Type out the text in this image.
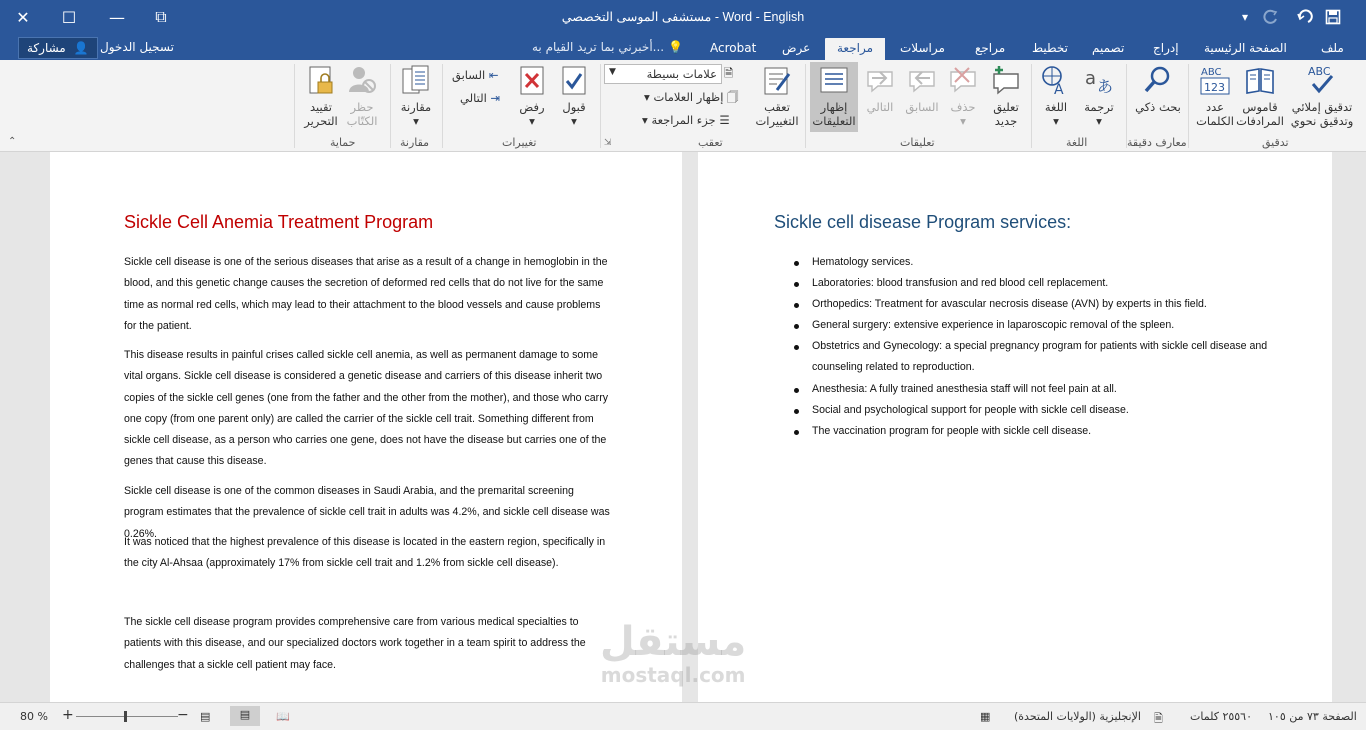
✕	☐	—	⧉	مستشفى الموسى التخصصي - Word - English	▾
مشاركة 👤 تسجيل الدخول	أخبرني بما تريد القيام به... 💡	Acrobat	عرض	مراجعة	مراسلات	مراجع	تخطيط	تصميم	إدراج	الصفحة الرئيسية	ملف
ABC
تدقيق إملائي وتدقيق نحوي
قاموس المرادفات
ABC
123
عدد الكلمات
تدقيق
بحث ذكي
معارف دقيقة
a あ
ترجمة
▾
A
اللغة
▾
اللغة
تعليق جديد
حذف
▾
السابق
التالي
إظهار التعليقات
تعليقات
تعقب التغييرات
▼	علامات بسيطة 🗎
▾ إظهار العلامات 🗍
▾ جزء المراجعة ☰
تعقب
⇲
قبول
▾
رفض
▾
السابق ⇤
التالي ⇥
تغييرات
مقارنة
▾
مقارنة
حظر الكتّاب
تقييد التحرير
حماية
⌃
Sickle Cell Anemia Treatment Program
Sickle cell disease is one of the serious diseases that arise as a result of a change in hemoglobin in the blood, and this genetic change causes the secretion of deformed red cells that do not live for the same time as normal red cells, which may lead to their attachment to the blood vessels and cause problems for the patient.
This disease results in painful crises called sickle cell anemia, as well as permanent damage to some vital organs. Sickle cell disease is considered a genetic disease and carriers of this disease inherit two copies of the sickle cell genes (one from the father and the other from the mother), and those who carry one copy (from one parent only) are called the carrier of the sickle cell trait. Something different from sickle cell disease, as a person who carries one gene, does not have the disease but carries one of the genes that cause this disease.
Sickle cell disease is one of the common diseases in Saudi Arabia, and the premarital screening program estimates that the prevalence of sickle cell trait in adults was 4.2%, and sickle cell disease was 0.26%.
It was noticed that the highest prevalence of this disease is located in the eastern region, specifically in the city Al-Ahsaa (approximately 17% from sickle cell trait and 1.2% from sickle cell disease).
The sickle cell disease program provides comprehensive care from various medical specialties to patients with this disease, and our specialized doctors work together in a team spirit to address the challenges that a sickle cell patient may face.
Sickle cell disease Program services:
Hematology services.
Laboratories: blood transfusion and red blood cell replacement.
Orthopedics: Treatment for avascular necrosis disease (AVN) by experts in this field.
General surgery: extensive experience in laparoscopic removal of the spleen.
Obstetrics and Gynecology: a special pregnancy program for patients with sickle cell disease and counseling related to reproduction.
Anesthesia: A fully trained anesthesia staff will not feel pain at all.
Social and psychological support for people with sickle cell disease.
The vaccination program for people with sickle cell disease.
مستقل
mostaql.com
80 % +	− ▤	▤	📖	▦ الإنجليزية (الولايات المتحدة) 🗎 ٢٥٥٦٠ كلمات الصفحة ٧٣ من ١٠٥
